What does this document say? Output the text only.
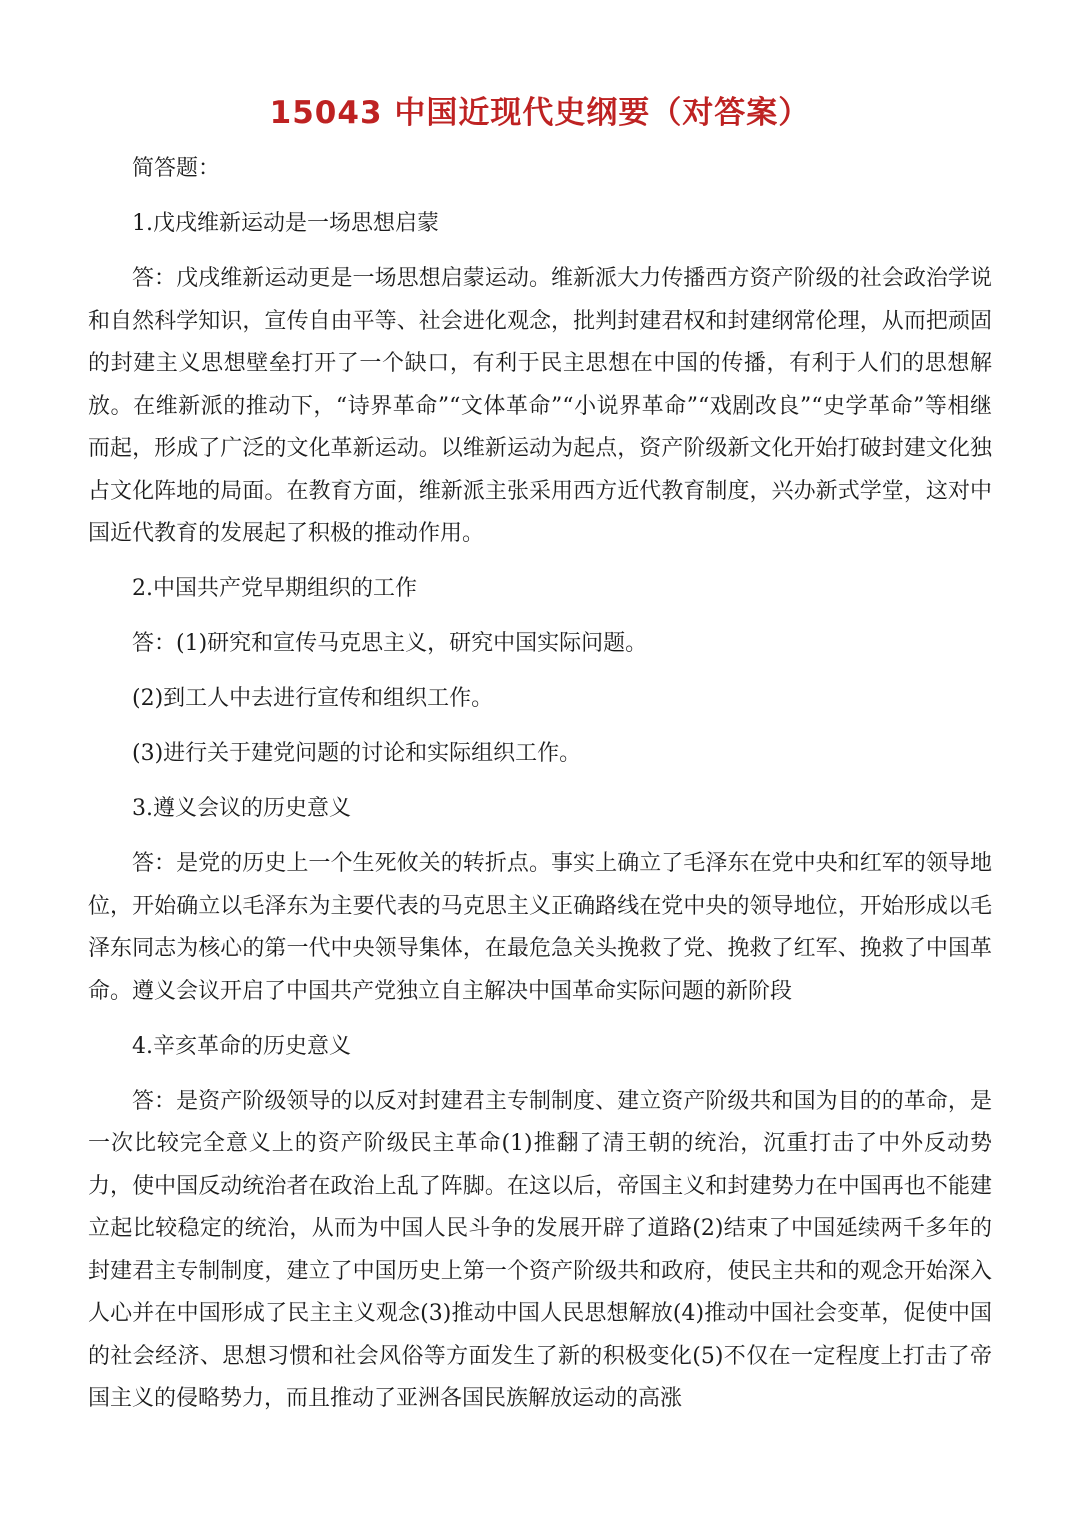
15043 中国近现代史纲要（对答案）

简答题：

1.戊戌维新运动是一场思想启蒙

答：戊戌维新运动更是一场思想启蒙运动。维新派大力传播西方资产阶级的社会政治学说和自然科学知识，宣传自由平等、社会进化观念，批判封建君权和封建纲常伦理，从而把顽固的封建主义思想壁垒打开了一个缺口，有利于民主思想在中国的传播，有利于人们的思想解放。在维新派的推动下，“诗界革命”“文体革命”“小说界革命”“戏剧改良”“史学革命”等相继而起，形成了广泛的文化革新运动。以维新运动为起点，资产阶级新文化开始打破封建文化独占文化阵地的局面。在教育方面，维新派主张采用西方近代教育制度，兴办新式学堂，这对中国近代教育的发展起了积极的推动作用。

2.中国共产党早期组织的工作

答：(1)研究和宣传马克思主义，研究中国实际问题。

(2)到工人中去进行宣传和组织工作。

(3)进行关于建党问题的讨论和实际组织工作。

3.遵义会议的历史意义

答：是党的历史上一个生死攸关的转折点。事实上确立了毛泽东在党中央和红军的领导地位，开始确立以毛泽东为主要代表的马克思主义正确路线在党中央的领导地位，开始形成以毛泽东同志为核心的第一代中央领导集体，在最危急关头挽救了党、挽救了红军、挽救了中国革命。遵义会议开启了中国共产党独立自主解决中国革命实际问题的新阶段

4.辛亥革命的历史意义

答：是资产阶级领导的以反对封建君主专制制度、建立资产阶级共和国为目的的革命，是一次比较完全意义上的资产阶级民主革命(1)推翻了清王朝的统治，沉重打击了中外反动势力，使中国反动统治者在政治上乱了阵脚。在这以后，帝国主义和封建势力在中国再也不能建立起比较稳定的统治，从而为中国人民斗争的发展开辟了道路(2)结束了中国延续两千多年的封建君主专制制度，建立了中国历史上第一个资产阶级共和政府，使民主共和的观念开始深入人心并在中国形成了民主主义观念(3)推动中国人民思想解放(4)推动中国社会变革，促使中国的社会经济、思想习惯和社会风俗等方面发生了新的积极变化(5)不仅在一定程度上打击了帝国主义的侵略势力，而且推动了亚洲各国民族解放运动的高涨
